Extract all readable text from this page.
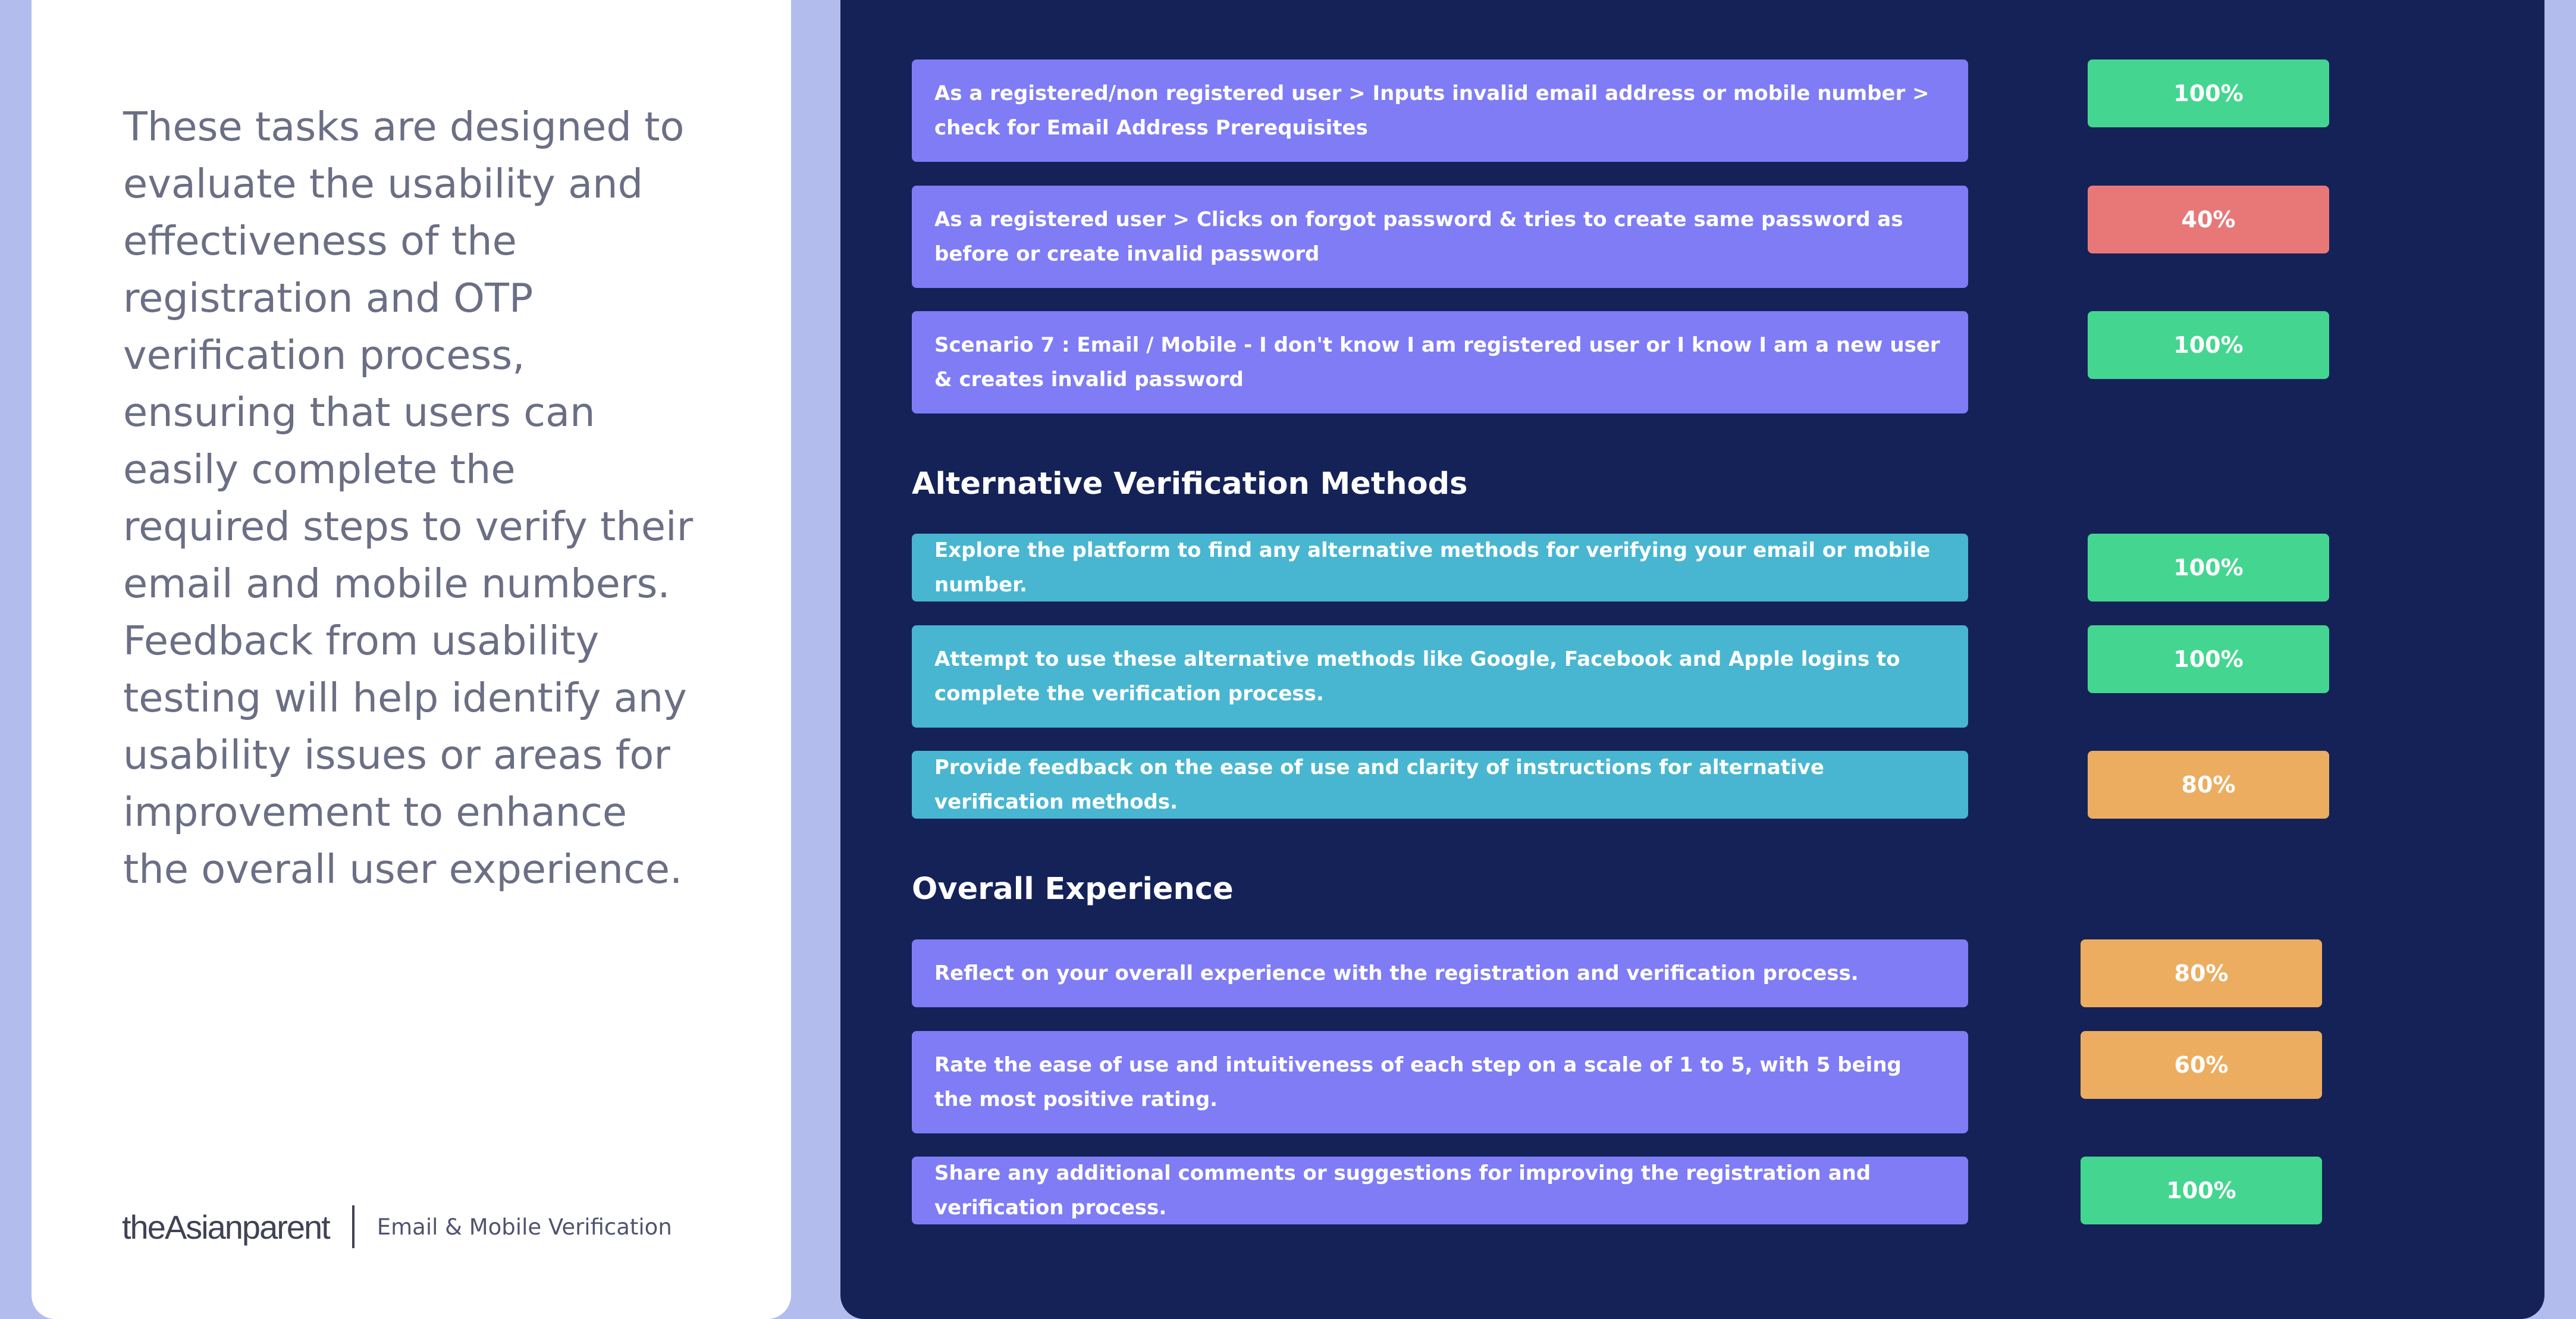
These tasks are designed to evaluate the usability and effectiveness of the registration and OTP verification process, ensuring that users can easily complete the required steps to verify their email and mobile numbers. Feedback from usability testing will help identify any usability issues or areas for improvement to enhance the overall user experience.

theAsianparent Email & Mobile Verification
As a registered/non registered user > Inputs invalid email address or mobile number > check for Email Address Prerequisites
100%
As a registered user > Clicks on forgot password & tries to create same password as before or create invalid password
40%
Scenario 7 : Email / Mobile - I don't know I am registered user or I know I am a new user & creates invalid password
100%
Alternative Verification Methods
Explore the platform to find any alternative methods for verifying your email or mobile number.
100%
Attempt to use these alternative methods like Google, Facebook and Apple logins to complete the verification process.
100%
Provide feedback on the ease of use and clarity of instructions for alternative verification methods.
80%
Overall Experience
Reflect on your overall experience with the registration and verification process.	80%
Rate the ease of use and intuitiveness of each step on a scale of 1 to 5, with 5 being the most positive rating.
60%
Share any additional comments or suggestions for improving the registration and verification process.
100%
